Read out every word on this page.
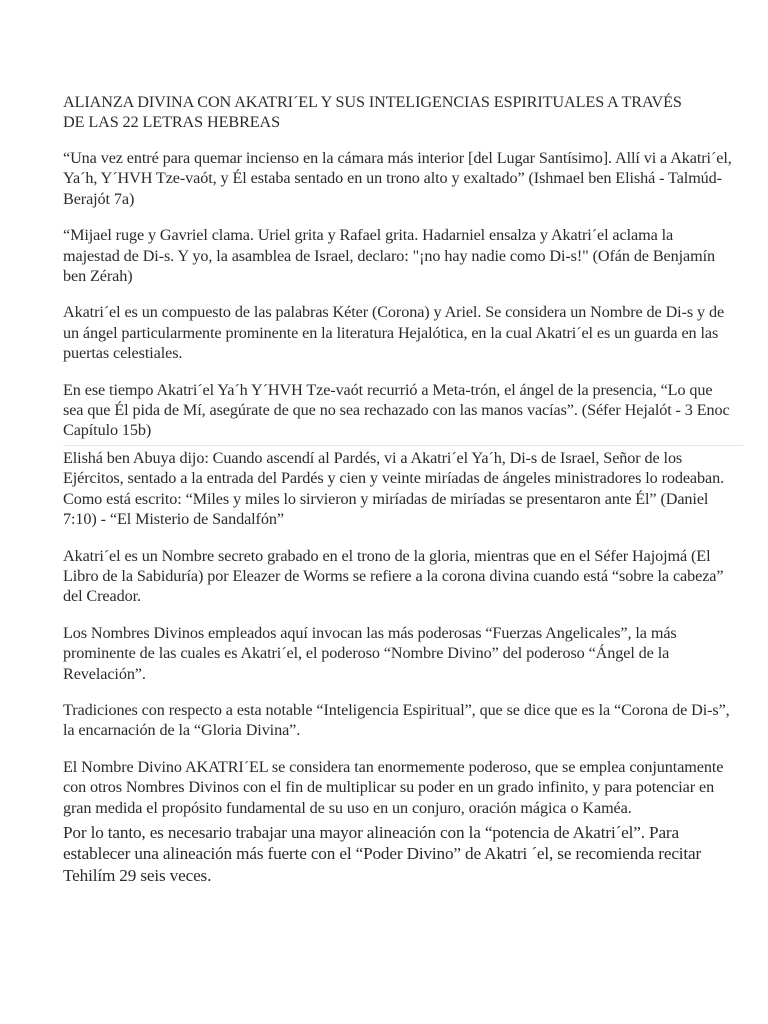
ALIANZA DIVINA CON AKATRI´EL Y SUS INTELIGENCIAS ESPIRITUALES A TRAVÉS
DE LAS 22 LETRAS HEBREAS

“Una vez entré para quemar incienso en la cámara más interior [del Lugar Santísimo]. Allí vi a Akatri´el, Ya´h, Y´HVH Tze-vaót, y Él estaba sentado en un trono alto y exaltado” (Ishmael ben Elishá - Talmúd-Berajót 7a)

“Mijael ruge y Gavriel clama. Uriel grita y Rafael grita. Hadarniel ensalza y Akatri´el aclama la majestad de Di-s. Y yo, la asamblea de Israel, declaro: "¡no hay nadie como Di-s!" (Ofán de Benjamín ben Zérah)

Akatri´el es un compuesto de las palabras Kéter (Corona) y Ariel. Se considera un Nombre de Di-s y de un ángel particularmente prominente en la literatura Hejalótica, en la cual Akatri´el es un guarda en las puertas celestiales.

En ese tiempo Akatri´el Ya´h Y´HVH Tze-vaót recurrió a Meta-trón, el ángel de la presencia, “Lo que sea que Él pida de Mí, asegúrate de que no sea rechazado con las manos vacías”. (Séfer Hejalót - 3 Enoc Capítulo 15b)

Elishá ben Abuya dijo: Cuando ascendí al Pardés, vi a Akatri´el Ya´h, Di-s de Israel, Señor de los Ejércitos, sentado a la entrada del Pardés y cien y veinte miríadas de ángeles ministradores lo rodeaban. Como está escrito: “Miles y miles lo sirvieron y miríadas de miríadas se presentaron ante Él” (Daniel 7:10) - “El Misterio de Sandalfón”

Akatri´el es un Nombre secreto grabado en el trono de la gloria, mientras que en el Séfer Hajojmá (El Libro de la Sabiduría) por Eleazer de Worms se refiere a la corona divina cuando está “sobre la cabeza” del Creador.

Los Nombres Divinos empleados aquí invocan las más poderosas “Fuerzas Angelicales”, la más prominente de las cuales es Akatri´el, el poderoso “Nombre Divino” del poderoso “Ángel de la Revelación”.

Tradiciones con respecto a esta notable “Inteligencia Espiritual”, que se dice que es la “Corona de Di-s”, la encarnación de la “Gloria Divina”.

El Nombre Divino AKATRI´EL se considera tan enormemente poderoso, que se emplea conjuntamente con otros Nombres Divinos con el fin de multiplicar su poder en un grado infinito, y para potenciar en gran medida el propósito fundamental de su uso en un conjuro, oración mágica o Kaméa.

Por lo tanto, es necesario trabajar una mayor alineación con la “potencia de Akatri´el”. Para establecer una alineación más fuerte con el “Poder Divino” de Akatri ´el, se recomienda recitar Tehilím 29 seis veces.
